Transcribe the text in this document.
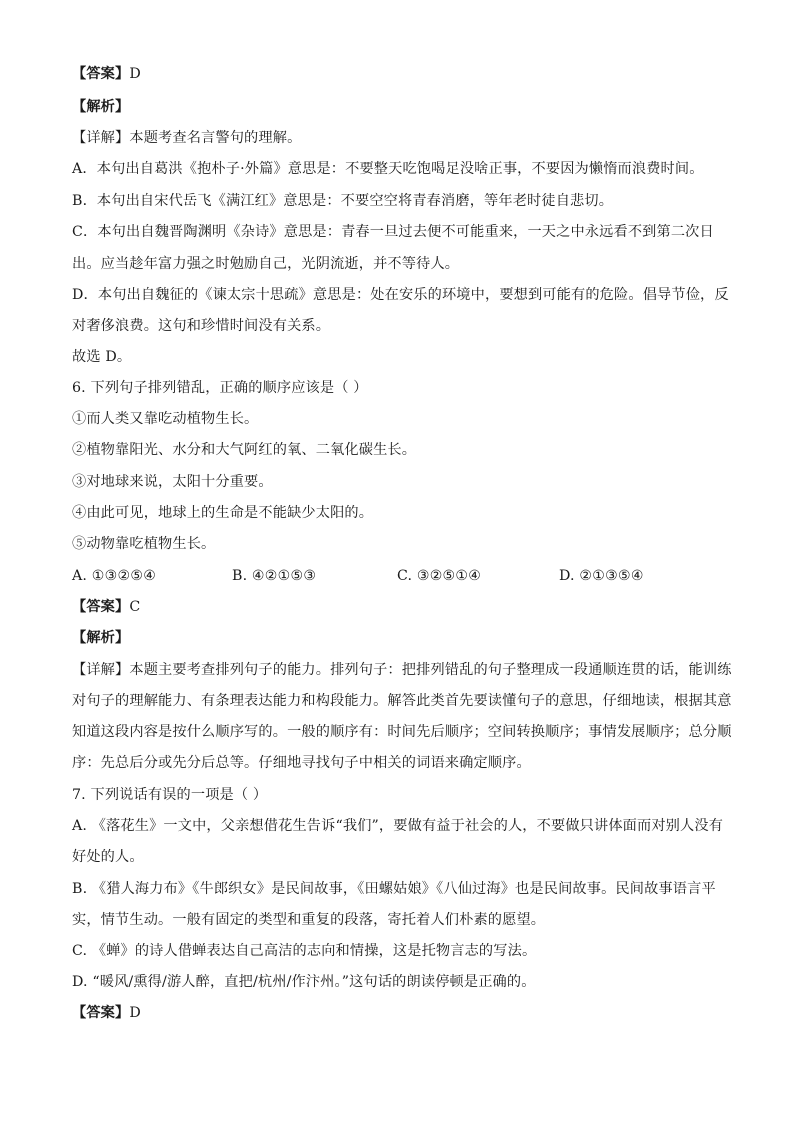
【答案】D
【解析】
【详解】本题考查名言警句的理解。
A．本句出自葛洪《抱朴子·外篇》意思是：不要整天吃饱喝足没啥正事，不要因为懒惰而浪费时间。
B．本句出自宋代岳飞《满江红》意思是：不要空空将青春消磨，等年老时徒自悲切。
C．本句出自魏晋陶渊明《杂诗》意思是：青春一旦过去便不可能重来，一天之中永远看不到第二次日
出。应当趁年富力强之时勉励自己，光阴流逝，并不等待人。
D．本句出自魏征的《谏太宗十思疏》意思是：处在安乐的环境中，要想到可能有的危险。倡导节俭，反
对奢侈浪费。这句和珍惜时间没有关系。
故选 D。
6. 下列句子排列错乱，正确的顺序应该是（ ）
①而人类又靠吃动植物生长。
②植物靠阳光、水分和大气阿红的氧、二氧化碳生长。
③对地球来说，太阳十分重要。
④由此可见，地球上的生命是不能缺少太阳的。
⑤动物靠吃植物生长。
A. ①③②⑤④	B. ④②①⑤③	C. ③②⑤①④	D. ②①③⑤④
【答案】C
【解析】
【详解】本题主要考查排列句子的能力。排列句子：把排列错乱的句子整理成一段通顺连贯的话，能训练
对句子的理解能力、有条理表达能力和构段能力。解答此类首先要读懂句子的意思，仔细地读，根据其意
知道这段内容是按什么顺序写的。一般的顺序有：时间先后顺序；空间转换顺序；事情发展顺序；总分顺
序：先总后分或先分后总等。仔细地寻找句子中相关的词语来确定顺序。
7. 下列说话有误的一项是（ ）
A. 《落花生》一文中，父亲想借花生告诉“我们”，要做有益于社会的人，不要做只讲体面而对别人没有
好处的人。
B. 《猎人海力布》《牛郎织女》是民间故事，《田螺姑娘》《八仙过海》也是民间故事。民间故事语言平
实，情节生动。一般有固定的类型和重复的段落，寄托着人们朴素的愿望。
C. 《蝉》的诗人借蝉表达自己高洁的志向和情操，这是托物言志的写法。
D. “暖风/熏得/游人醉，直把/杭州/作汴州。”这句话的朗读停顿是正确的。
【答案】D
